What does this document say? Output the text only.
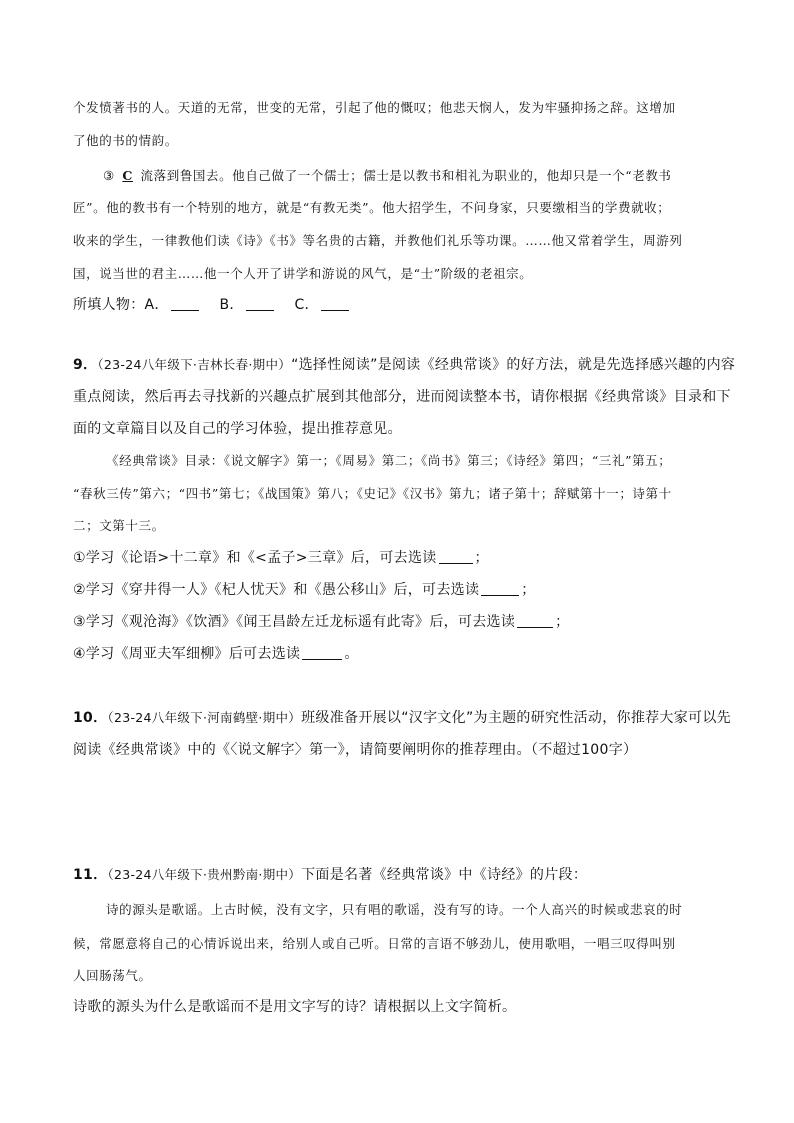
个发愤著书的人。天道的无常，世变的无常，引起了他的慨叹；他悲天悯人，发为牢骚抑扬之辞。这增加
了他的书的情韵。
③ C 流落到鲁国去。他自己做了一个儒士；儒士是以教书和相礼为职业的，他却只是一个“老教书
匠”。他的教书有一个特别的地方，就是“有教无类”。他大招学生，不问身家，只要缴相当的学费就收；
收来的学生，一律教他们读《诗》《书》等名贵的古籍，并教他们礼乐等功课。……他又常着学生，周游列
国，说当世的君主……他一个人开了讲学和游说的风气，是“士”阶级的老祖宗。
所填人物：A．	B．	C．
9．（23-24八年级下·吉林长春·期中）“选择性阅读”是阅读《经典常谈》的好方法，就是先选择感兴趣的内容
重点阅读，然后再去寻找新的兴趣点扩展到其他部分，进而阅读整本书，请你根据《经典常谈》目录和下
面的文章篇目以及自己的学习体验，提出推荐意见。
《经典常谈》目录：《说文解字》第一；《周易》第二；《尚书》第三；《诗经》第四；“三礼”第五；
“春秋三传”第六；“四书”第七；《战国策》第八；《史记》《汉书》第九；诸子第十；辞赋第十一；诗第十
二；文第十三。
①学习《论语>十二章》和《<孟子>三章》后，可去选读	；
②学习《穿井得一人》《杞人忧天》和《愚公移山》后，可去选读	；
③学习《观沧海》《饮酒》《闻王昌龄左迁龙标遥有此寄》后，可去选读	；
④学习《周亚夫军细柳》后可去选读	。
10．（23-24八年级下·河南鹤壁·期中）班级准备开展以“汉字文化”为主题的研究性活动，你推荐大家可以先
阅读《经典常谈》中的《〈说文解字〉第一》，请简要阐明你的推荐理由。（不超过100字）
11．（23-24八年级下·贵州黔南·期中）下面是名著《经典常谈》中《诗经》的片段：
诗的源头是歌谣。上古时候，没有文字，只有唱的歌谣，没有写的诗。一个人高兴的时候或悲哀的时
候，常愿意将自己的心情诉说出来，给别人或自己听。日常的言语不够劲儿，使用歌唱，一唱三叹得叫别
人回肠荡气。
诗歌的源头为什么是歌谣而不是用文字写的诗？请根据以上文字简析。
